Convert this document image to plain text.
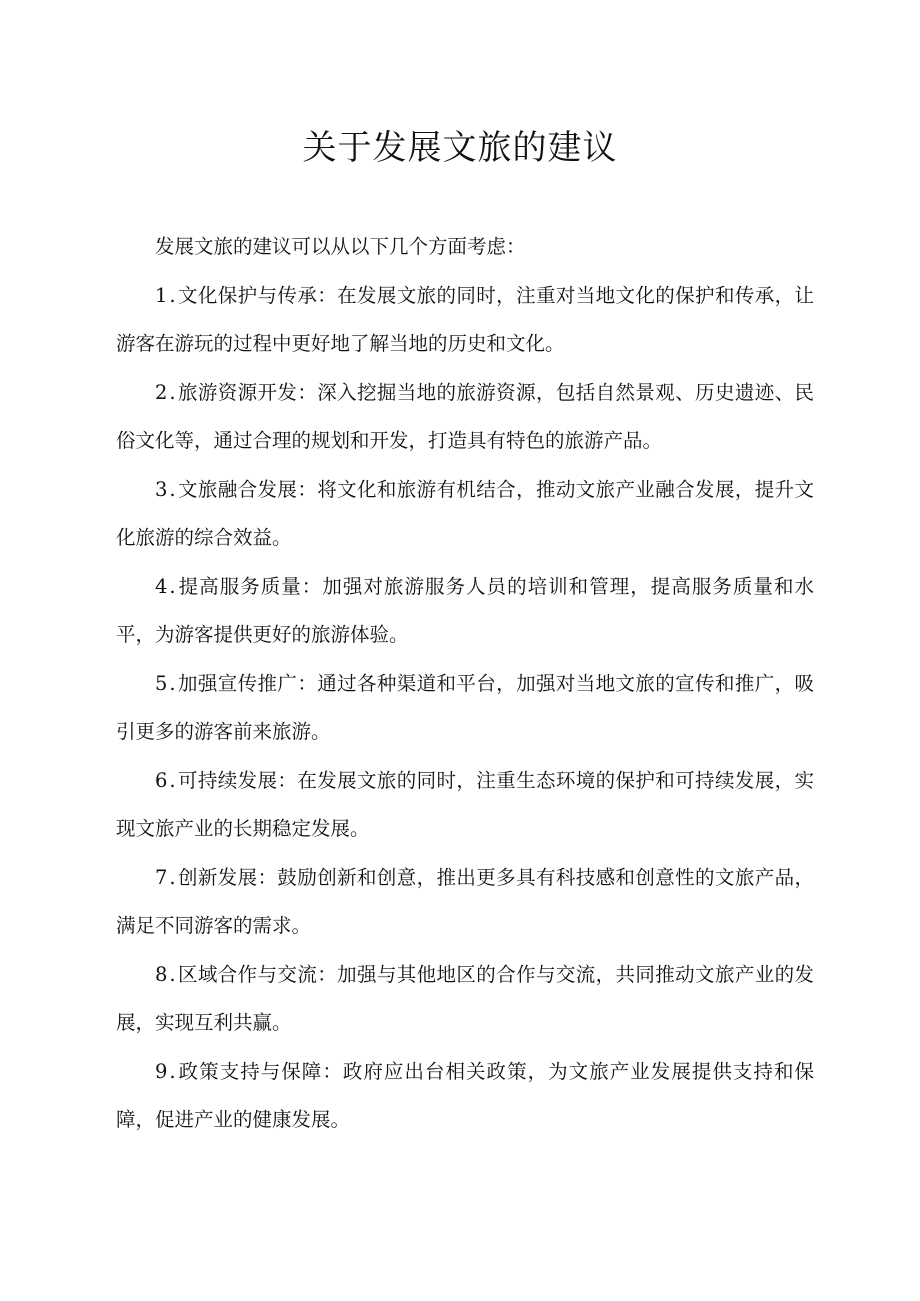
关于发展文旅的建议

发展文旅的建议可以从以下几个方面考虑：

1.文化保护与传承：在发展文旅的同时，注重对当地文化的保护和传承，让游客在游玩的过程中更好地了解当地的历史和文化。

2.旅游资源开发：深入挖掘当地的旅游资源，包括自然景观、历史遗迹、民俗文化等，通过合理的规划和开发，打造具有特色的旅游产品。

3.文旅融合发展：将文化和旅游有机结合，推动文旅产业融合发展，提升文化旅游的综合效益。

4.提高服务质量：加强对旅游服务人员的培训和管理，提高服务质量和水平，为游客提供更好的旅游体验。

5.加强宣传推广：通过各种渠道和平台，加强对当地文旅的宣传和推广，吸引更多的游客前来旅游。

6.可持续发展：在发展文旅的同时，注重生态环境的保护和可持续发展，实现文旅产业的长期稳定发展。

7.创新发展：鼓励创新和创意，推出更多具有科技感和创意性的文旅产品，满足不同游客的需求。

8.区域合作与交流：加强与其他地区的合作与交流，共同推动文旅产业的发展，实现互利共赢。

9.政策支持与保障：政府应出台相关政策，为文旅产业发展提供支持和保障，促进产业的健康发展。
